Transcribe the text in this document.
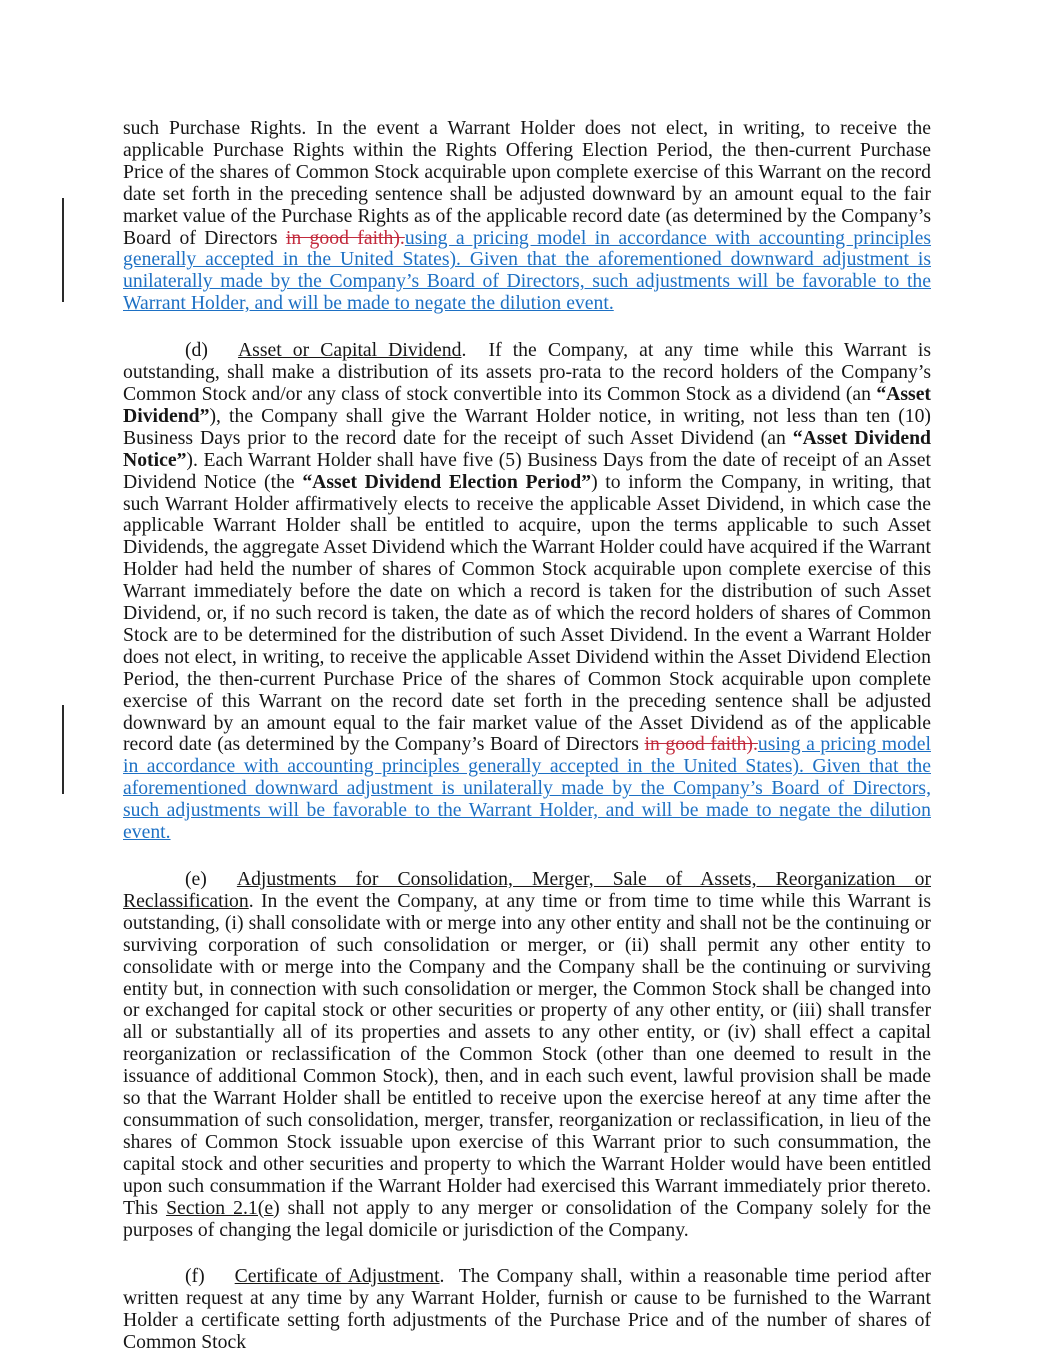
such Purchase Rights. In the event a Warrant Holder does not elect, in writing, to receive the applicable Purchase Rights within the Rights Offering Election Period, the then-current Purchase Price of the shares of Common Stock acquirable upon complete exercise of this Warrant on the record date set forth in the preceding sentence shall be adjusted downward by an amount equal to the fair market value of the Purchase Rights as of the applicable record date (as determined by the Company’s Board of Directors in good faith).using a pricing model in accordance with accounting principles generally accepted in the United States). Given that the aforementioned downward adjustment is unilaterally made by the Company’s Board of Directors, such adjustments will be favorable to the Warrant Holder, and will be made to negate the dilution event.

(d) Asset or Capital Dividend.  If the Company, at any time while this Warrant is outstanding, shall make a distribution of its assets pro-rata to the record holders of the Company’s Common Stock and/or any class of stock convertible into its Common Stock as a dividend (an “Asset Dividend”), the Company shall give the Warrant Holder notice, in writing, not less than ten (10) Business Days prior to the record date for the receipt of such Asset Dividend (an “Asset Dividend Notice”). Each Warrant Holder shall have five (5) Business Days from the date of receipt of an Asset Dividend Notice (the “Asset Dividend Election Period”) to inform the Company, in writing, that such Warrant Holder affirmatively elects to receive the applicable Asset Dividend, in which case the applicable Warrant Holder shall be entitled to acquire, upon the terms applicable to such Asset Dividends, the aggregate Asset Dividend which the Warrant Holder could have acquired if the Warrant Holder had held the number of shares of Common Stock acquirable upon complete exercise of this Warrant immediately before the date on which a record is taken for the distribution of such Asset Dividend, or, if no such record is taken, the date as of which the record holders of shares of Common Stock are to be determined for the distribution of such Asset Dividend. In the event a Warrant Holder does not elect, in writing, to receive the applicable Asset Dividend within the Asset Dividend Election Period, the then-current Purchase Price of the shares of Common Stock acquirable upon complete exercise of this Warrant on the record date set forth in the preceding sentence shall be adjusted downward by an amount equal to the fair market value of the Asset Dividend as of the applicable record date (as determined by the Company’s Board of Directors in good faith).using a pricing model in accordance with accounting principles generally accepted in the United States). Given that the aforementioned downward adjustment is unilaterally made by the Company’s Board of Directors, such adjustments will be favorable to the Warrant Holder, and will be made to negate the dilution event.

(e) Adjustments for Consolidation, Merger, Sale of Assets, Reorganization or Reclassification. In the event the Company, at any time or from time to time while this Warrant is outstanding, (i) shall consolidate with or merge into any other entity and shall not be the continuing or surviving corporation of such consolidation or merger, or (ii) shall permit any other entity to consolidate with or merge into the Company and the Company shall be the continuing or surviving entity but, in connection with such consolidation or merger, the Common Stock shall be changed into or exchanged for capital stock or other securities or property of any other entity, or (iii) shall transfer all or substantially all of its properties and assets to any other entity, or (iv) shall effect a capital reorganization or reclassification of the Common Stock (other than one deemed to result in the issuance of additional Common Stock), then, and in each such event, lawful provision shall be made so that the Warrant Holder shall be entitled to receive upon the exercise hereof at any time after the consummation of such consolidation, merger, transfer, reorganization or reclassification, in lieu of the shares of Common Stock issuable upon exercise of this Warrant prior to such consummation, the capital stock and other securities and property to which the Warrant Holder would have been entitled upon such consummation if the Warrant Holder had exercised this Warrant immediately prior thereto. This Section 2.1(e) shall not apply to any merger or consolidation of the Company solely for the purposes of changing the legal domicile or jurisdiction of the Company.

(f) Certificate of Adjustment.  The Company shall, within a reasonable time period after written request at any time by any Warrant Holder, furnish or cause to be furnished to the Warrant Holder a certificate setting forth adjustments of the Purchase Price and of the number of shares of Common Stock
